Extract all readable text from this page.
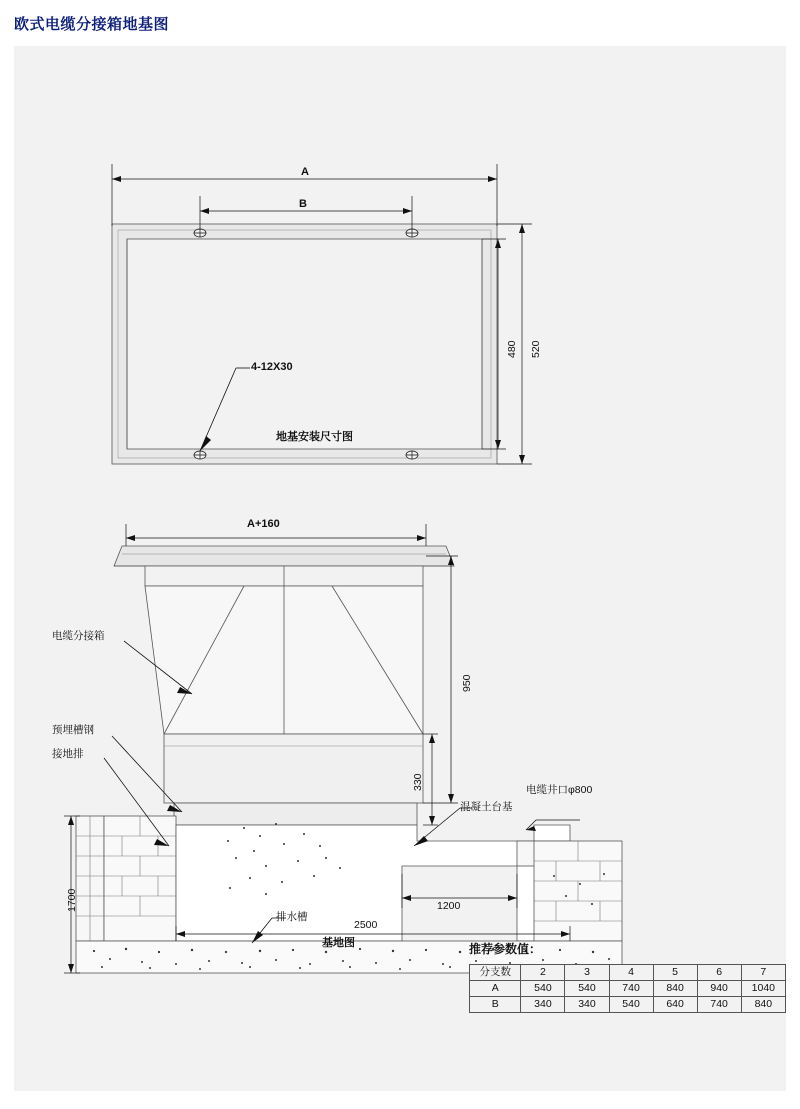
欧式电缆分接箱地基图
A
B
520
480
4-12X30
地基安装尺寸图
A+160
950
330
1700	1200
2500
电缆分接箱
预埋槽钢
接地排
混凝土台基
电缆井口φ800
排水槽
基地图	推荐参数值：
分支数	2	3	4	5	6	7
A	540	540	740	840	940	1040
B	340	340	540	640	740	840
